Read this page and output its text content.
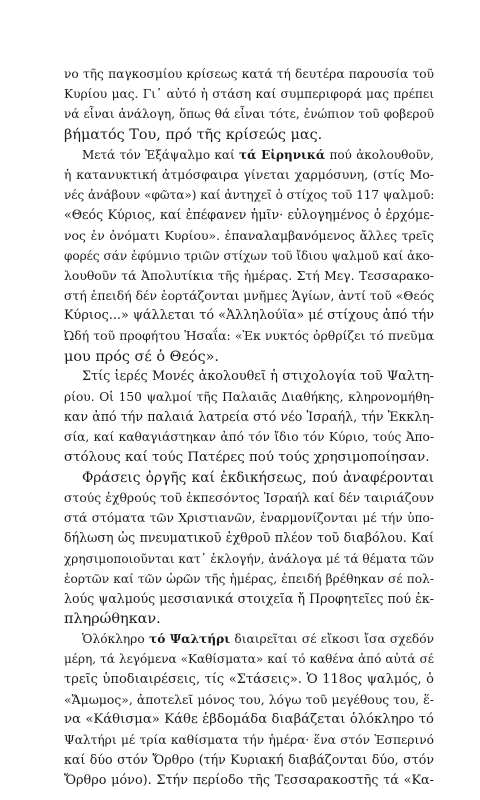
νο τῆς παγκοσμίου κρίσεως κατά τή δευτέρα παρουσία τοῦ
Κυρίου μας. Γι᾿ αὐτό ἡ στάση καί συμπεριφορά μας πρέπει
νά εἶναι ἀνάλογη, ὅπως θά εἶναι τότε, ἐνώπιον τοῦ φοβεροῦ
βήματός Του, πρό τῆς κρίσεώς μας.
Μετά τόν Ἑξάψαλμο καί τά Εἰρηνικά πού ἀκολουθοῦν,
ἡ κατανυκτική ἀτμόσφαιρα γίνεται χαρμόσυνη, (στίς Μο-
νές ἀνάβουν «φῶτα») καί ἀντηχεῖ ὁ στίχος τοῦ 117 ψαλμοῦ:
«Θεός Κύριος, καί ἐπέφανεν ἡμῖν· εὐλογημένος ὁ ἐρχόμε-
νος ἐν ὀνόματι Κυρίου». ἐπαναλαμβανόμενος ἄλλες τρεῖς
φορές σάν ἐφύμνιο τριῶν στίχων τοῦ ἴδιου ψαλμοῦ καί ἀκο-
λουθοῦν τά Ἀπολυτίκια τῆς ἡμέρας. Στή Μεγ. Τεσσαρακο-
στή ἐπειδή δέν ἑορτάζονται μνῆμες Ἁγίων, ἀντί τοῦ «Θεός
Κύριος...» ψάλλεται τό «Ἀλληλούϊα» μέ στίχους ἀπό τήν
Ὠδή τοῦ προφήτου Ἡσαΐα: «Ἐκ νυκτός ὀρθρίζει τό πνεῦμα
μου πρός σέ ὁ Θεός».
Στίς ἱερές Μονές ἀκολουθεῖ ἡ στιχολογία τοῦ Ψαλτη-
ρίου. Οἱ 150 ψαλμοί τῆς Παλαιᾶς Διαθήκης, κληρονομήθη-
καν ἀπό τήν παλαιά λατρεία στό νέο Ἰσραήλ, τήν Ἐκκλη-
σία, καί καθαγιάστηκαν ἀπό τόν ἴδιο τόν Κύριο, τούς Ἀπο-
στόλους καί τούς Πατέρες πού τούς χρησιμοποίησαν.
Φράσεις ὀργῆς καί ἐκδικήσεως, πού ἀναφέρονται
στούς ἐχθρούς τοῦ ἐκπεσόντος Ἰσραήλ καί δέν ταιριάζουν
στά στόματα τῶν Χριστιανῶν, ἐναρμονίζονται μέ τήν ὑπο-
δήλωση ὡς πνευματικοῦ ἐχθροῦ πλέον τοῦ διαβόλου. Καί
χρησιμοποιοῦνται κατ᾿ ἐκλογήν, ἀνάλογα μέ τά θέματα τῶν
ἑορτῶν καί τῶν ὡρῶν τῆς ἡμέρας, ἐπειδή βρέθηκαν σέ πολ-
λούς ψαλμούς μεσσιανικά στοιχεῖα ἤ Προφητεῖες πού ἐκ-
πληρώθηκαν.
Ὁλόκληρο τό Ψαλτήρι διαιρεῖται σέ εἴκοσι ἴσα σχεδόν
μέρη, τά λεγόμενα «Καθίσματα» καί τό καθένα ἀπό αὐτά σέ
τρεῖς ὑποδιαιρέσεις, τίς «Στάσεις». Ὁ 118ος ψαλμός, ὁ
«Ἄμωμος», ἀποτελεῖ μόνος του, λόγω τοῦ μεγέθους του, ἕ-
να «Κάθισμα» Κάθε ἑβδομάδα διαβάζεται ὁλόκληρο τό
Ψαλτήρι μέ τρία καθίσματα τήν ἡμέρα· ἕνα στόν Ἑσπερινό
καί δύο στόν Ὄρθρο (τήν Κυριακή διαβάζονται δύο, στόν
Ὄρθρο μόνο). Στήν περίοδο τῆς Τεσσαρακοστῆς τά «Κα-
